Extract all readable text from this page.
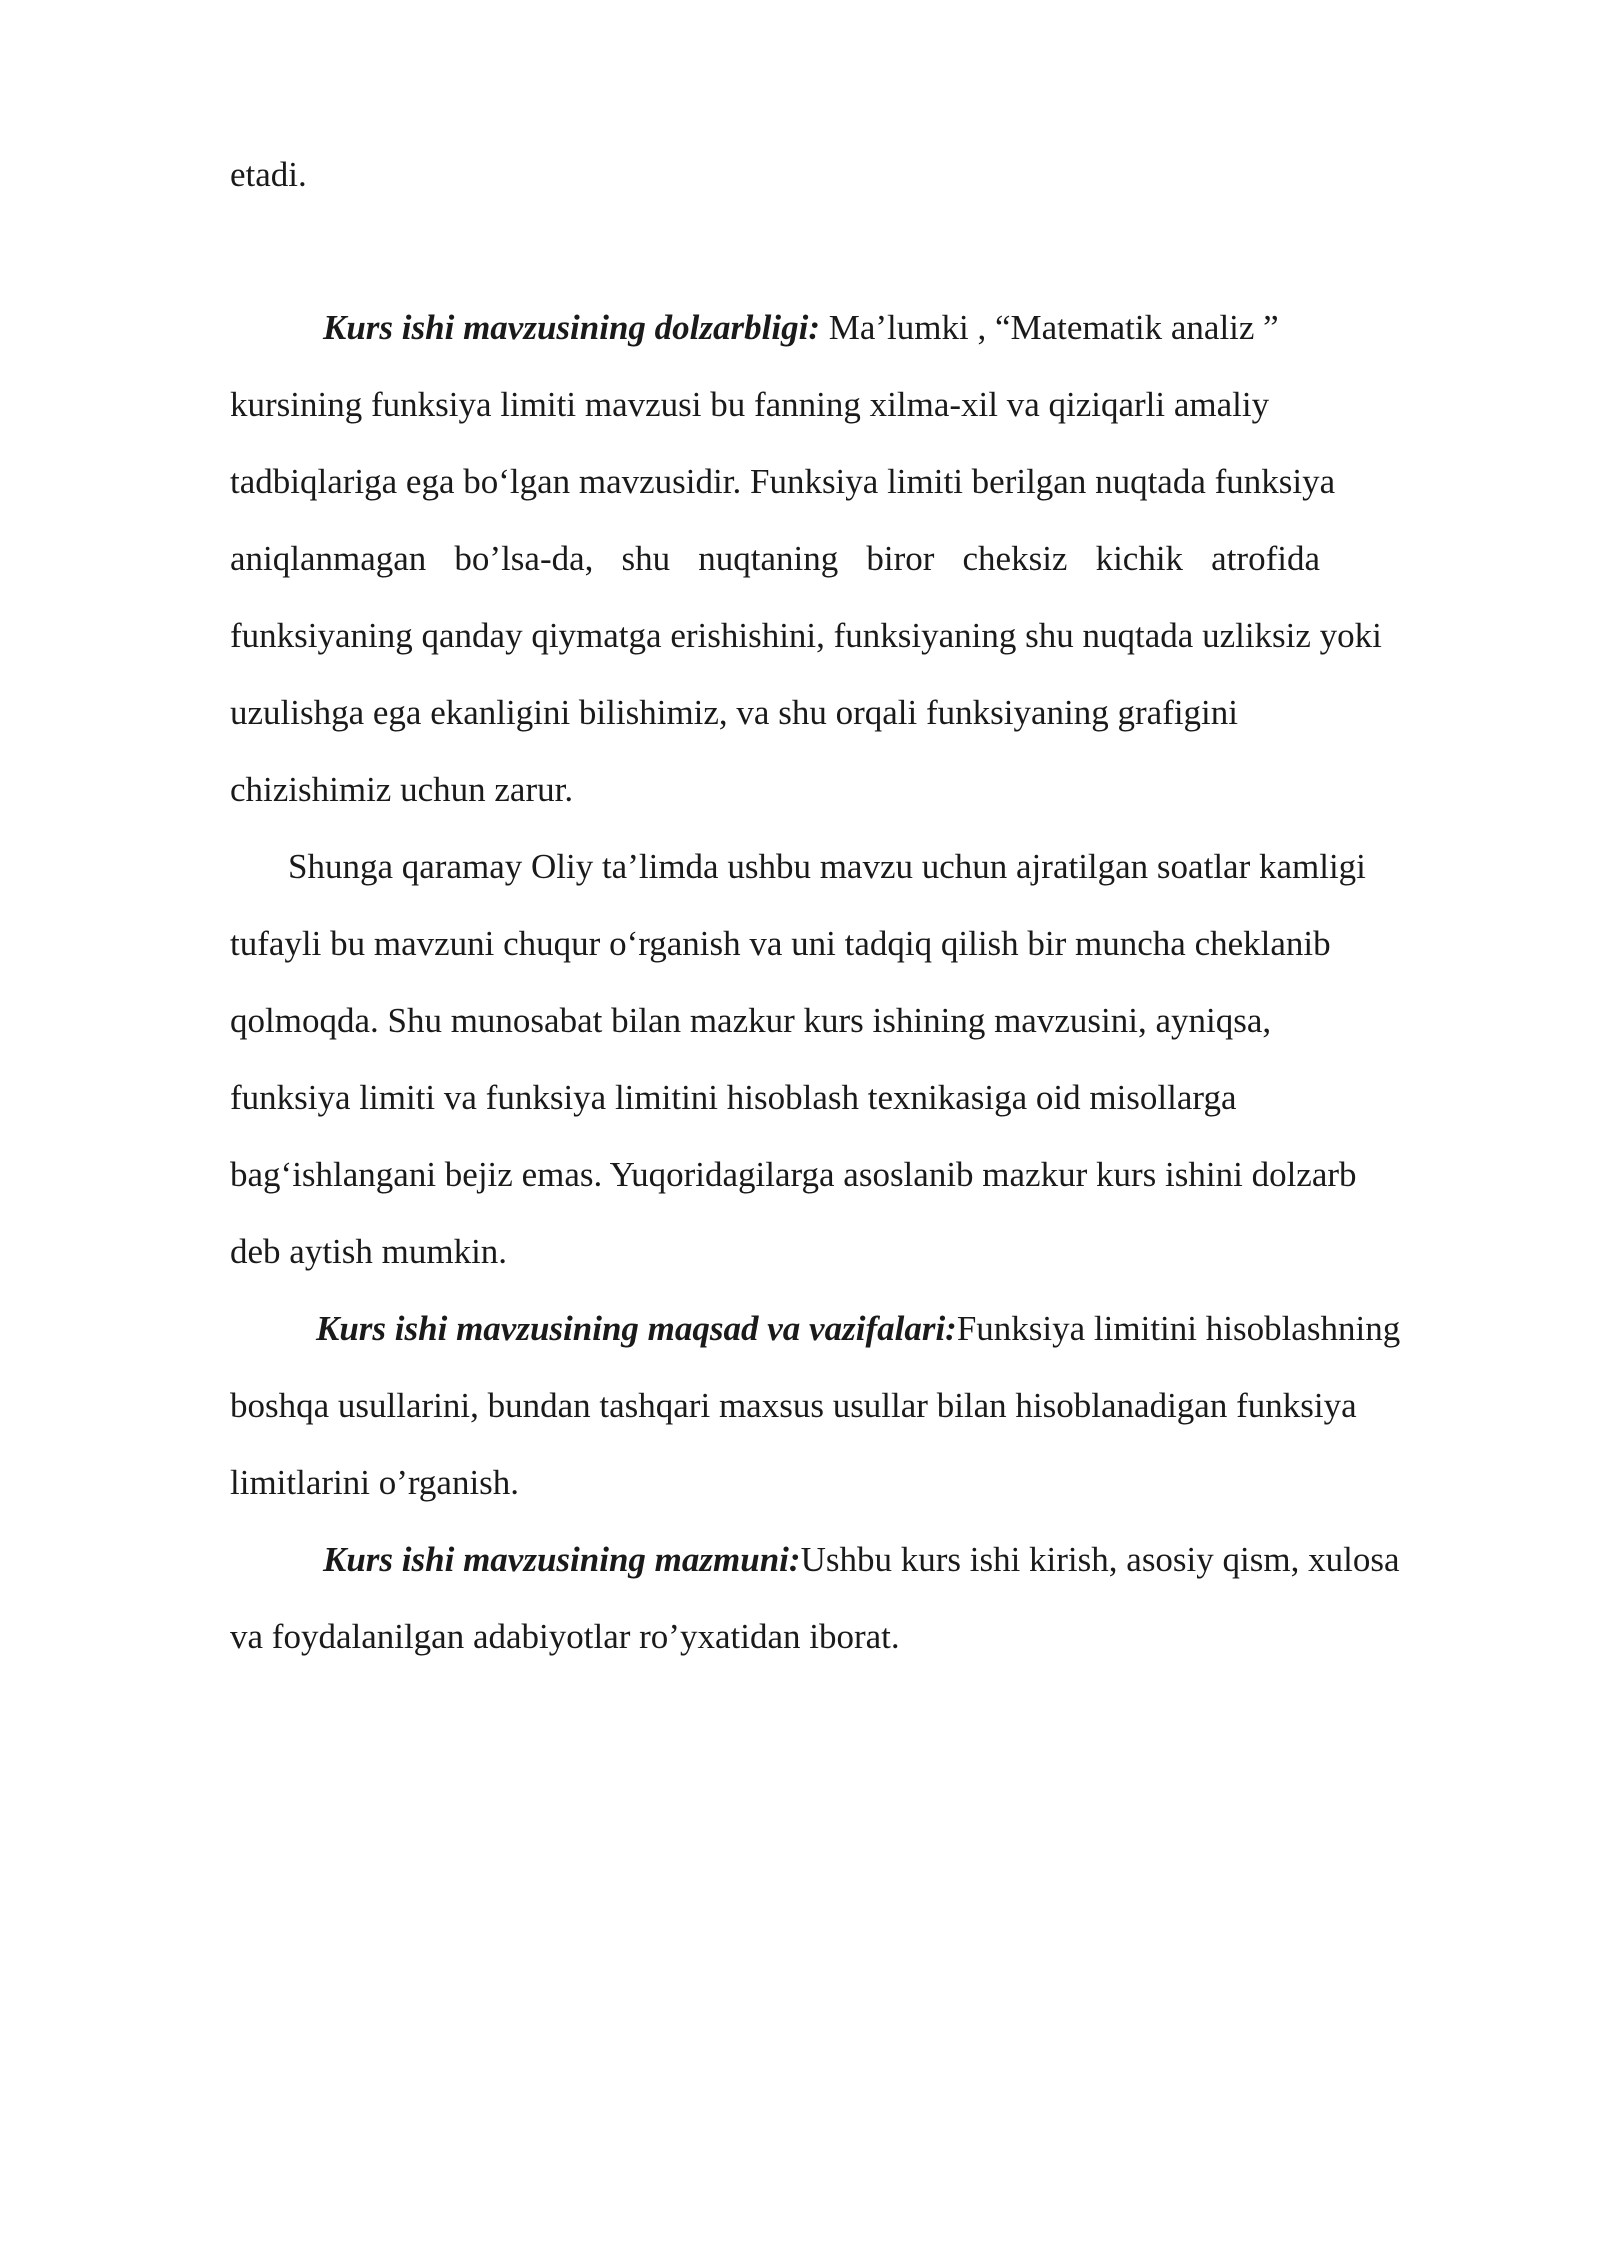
etadi.
Kurs ishi mavzusining dolzarbligi: Ma’lumki , “Matematik analiz ”
kursining funksiya limiti mavzusi bu fanning xilma-xil va qiziqarli amaliy
tadbiqlariga ega bo‘lgan mavzusidir. Funksiya limiti berilgan nuqtada funksiya
aniqlanmagan bo’lsa-da, shu nuqtaning biror cheksiz kichik atrofida
funksiyaning qanday qiymatga erishishini, funksiyaning shu nuqtada uzliksiz yoki
uzulishga ega ekanligini bilishimiz, va shu orqali funksiyaning grafigini
chizishimiz uchun zarur.
Shunga qaramay Oliy ta’limda ushbu mavzu uchun ajratilgan soatlar kamligi
tufayli bu mavzuni chuqur o‘rganish va uni tadqiq qilish bir muncha cheklanib
qolmoqda. Shu munosabat bilan mazkur kurs ishining mavzusini, ayniqsa,
funksiya limiti va funksiya limitini hisoblash texnikasiga oid misollarga
bag‘ishlangani bejiz emas. Yuqoridagilarga asoslanib mazkur kurs ishini dolzarb
deb aytish mumkin.
Kurs ishi mavzusining maqsad va vazifalari:Funksiya limitini hisoblashning
boshqa usullarini, bundan tashqari maxsus usullar bilan hisoblanadigan funksiya
limitlarini o’rganish.
Kurs ishi mavzusining mazmuni:Ushbu kurs ishi kirish, asosiy qism, xulosa
va foydalanilgan adabiyotlar ro’yxatidan iborat.
